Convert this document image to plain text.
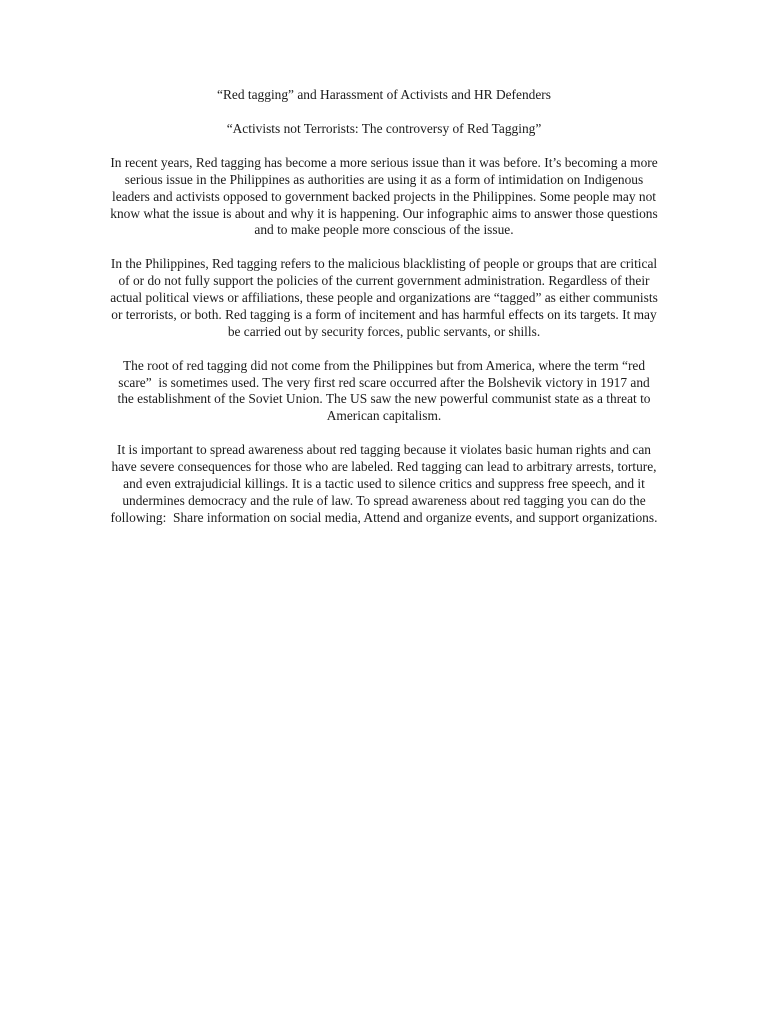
“Red tagging” and Harassment of Activists and HR Defenders
“Activists not Terrorists: The controversy of Red Tagging”

In recent years, Red tagging has become a more serious issue than it was before. It’s becoming a more serious issue in the Philippines as authorities are using it as a form of intimidation on Indigenous leaders and activists opposed to government backed projects in the Philippines. Some people may not know what the issue is about and why it is happening. Our infographic aims to answer those questions and to make people more conscious of the issue.

In the Philippines, Red tagging refers to the malicious blacklisting of people or groups that are critical of or do not fully support the policies of the current government administration. Regardless of their actual political views or affiliations, these people and organizations are “tagged” as either communists or terrorists, or both. Red tagging is a form of incitement and has harmful effects on its targets. It may be carried out by security forces, public servants, or shills.

The root of red tagging did not come from the Philippines but from America, where the term “red scare”  is sometimes used. The very first red scare occurred after the Bolshevik victory in 1917 and the establishment of the Soviet Union. The US saw the new powerful communist state as a threat to American capitalism.

It is important to spread awareness about red tagging because it violates basic human rights and can have severe consequences for those who are labeled. Red tagging can lead to arbitrary arrests, torture, and even extrajudicial killings. It is a tactic used to silence critics and suppress free speech, and it undermines democracy and the rule of law. To spread awareness about red tagging you can do the following:  Share information on social media, Attend and organize events, and support organizations.
